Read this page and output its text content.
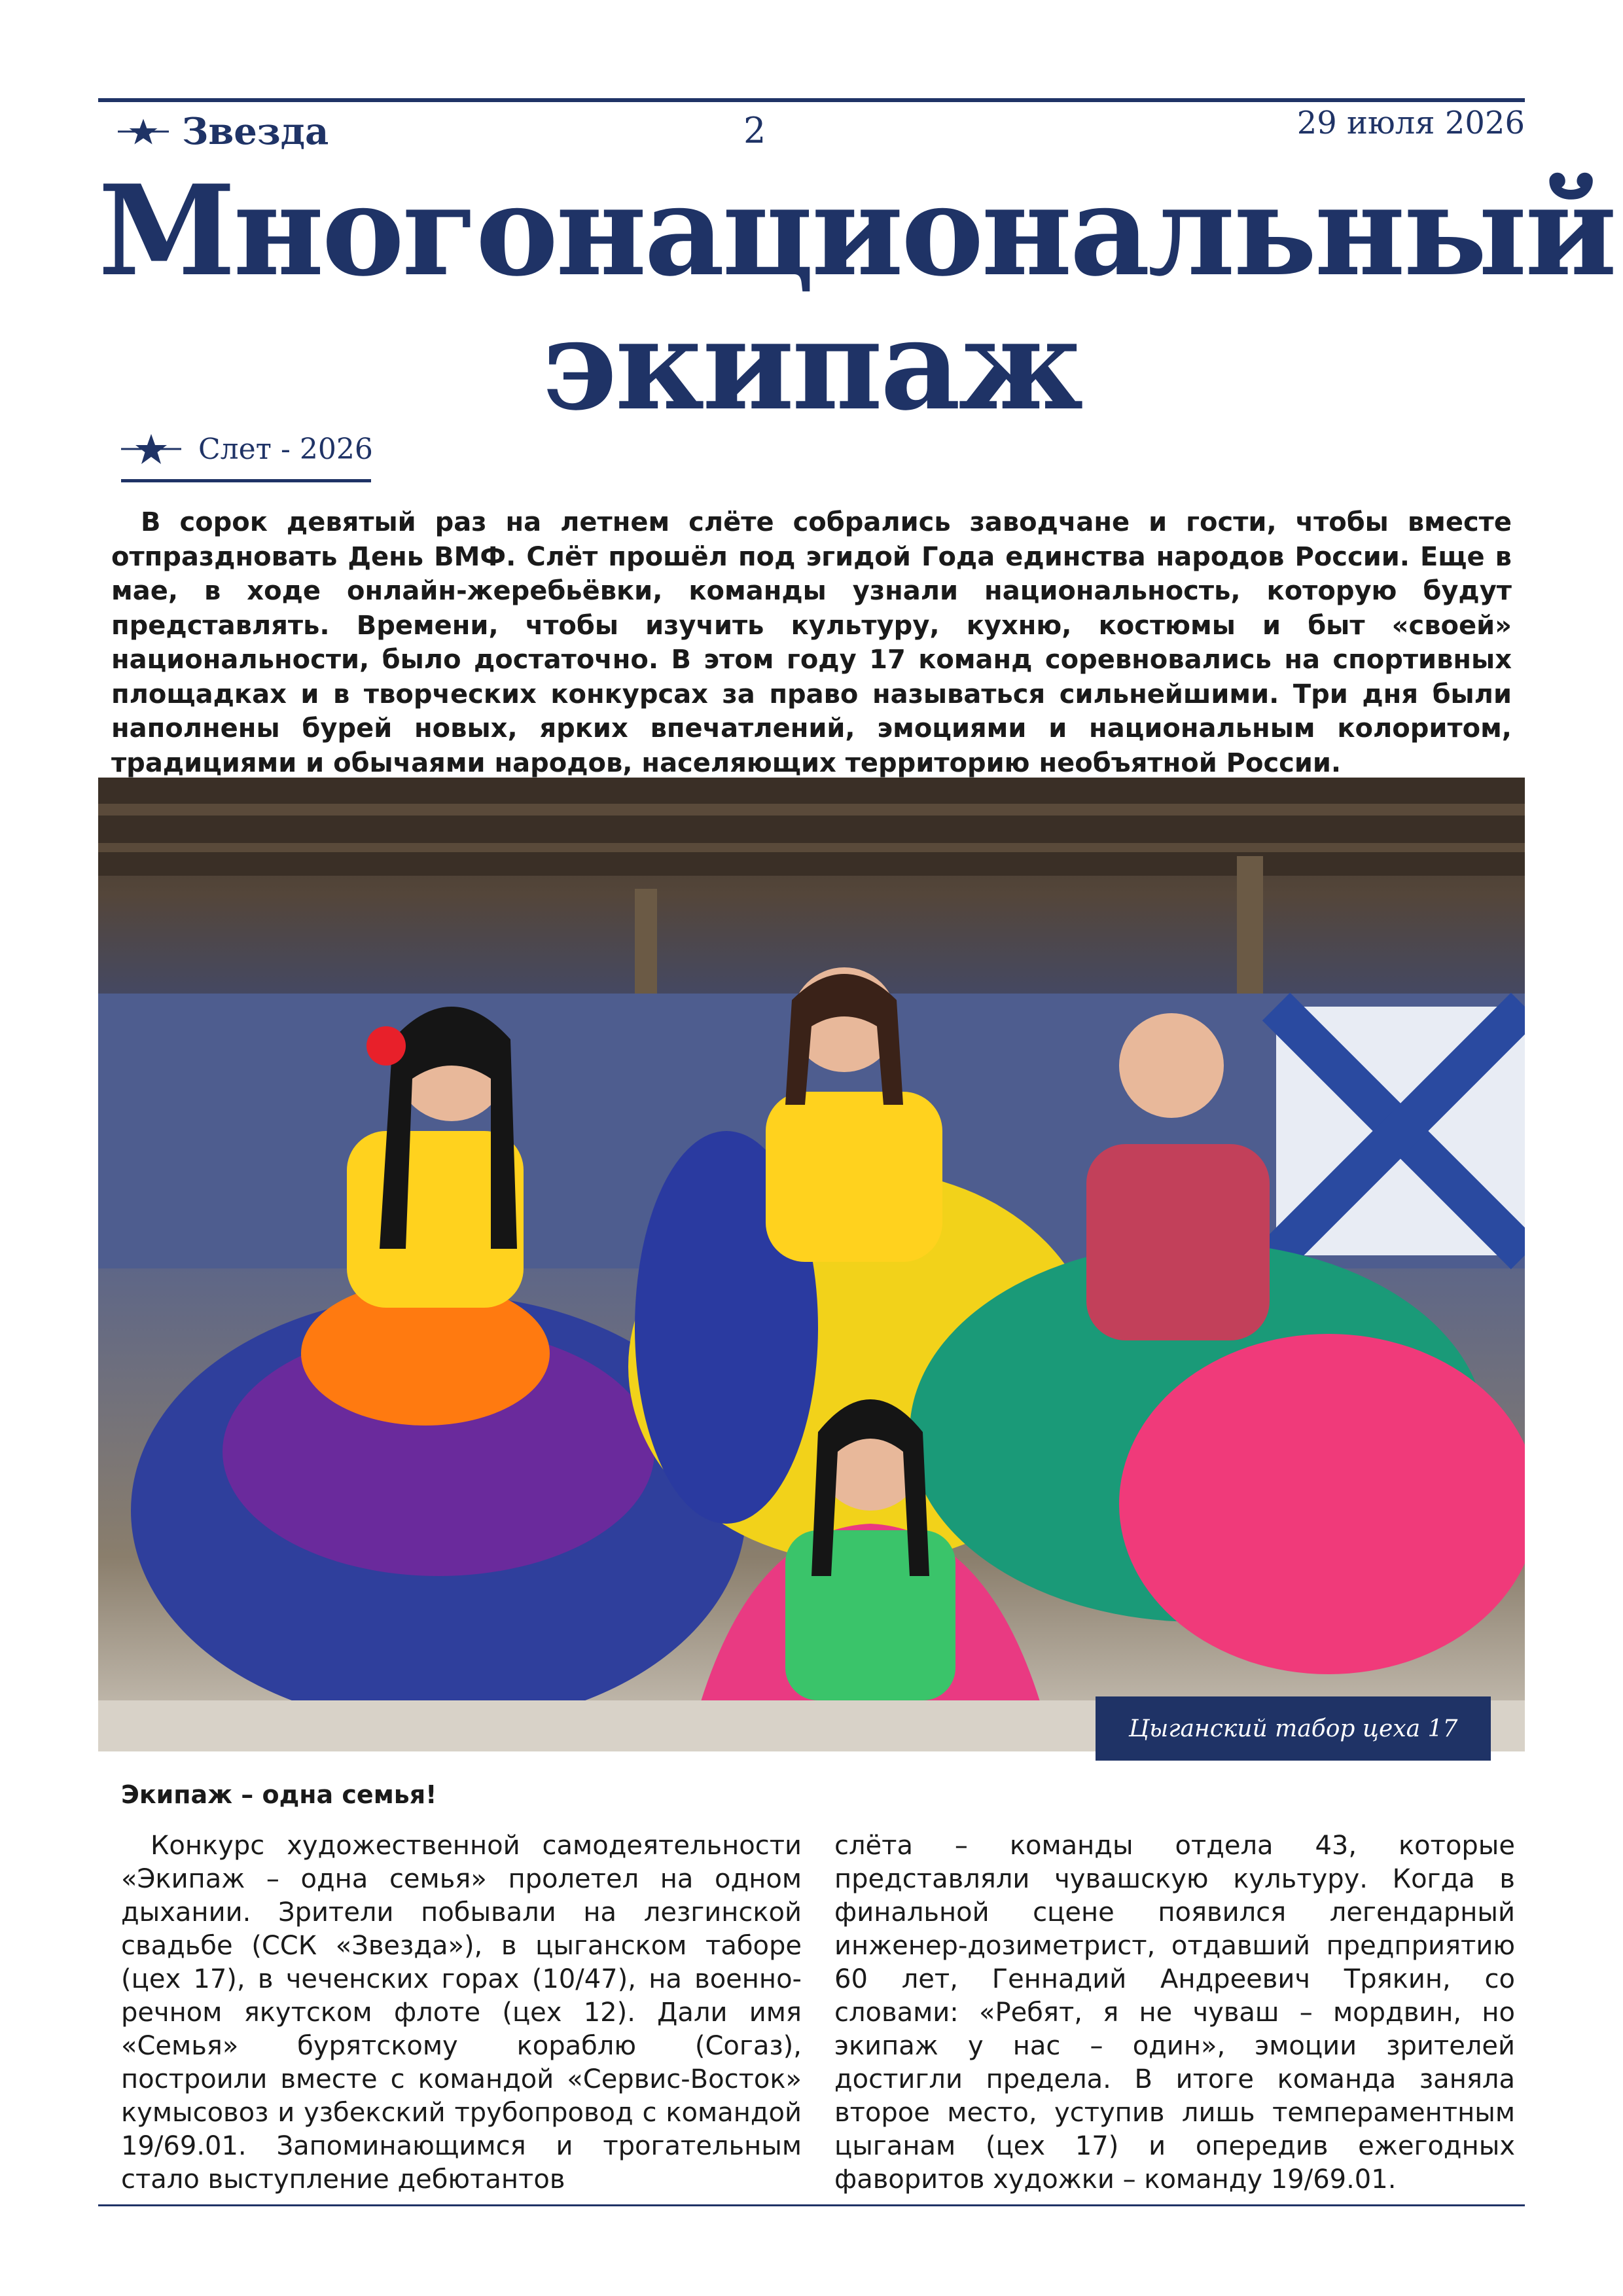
Звезда	2	29 июля 2026
Многонациональный
экипаж
Слет - 2026
В сорок девятый раз на летнем слёте собрались заводчане и гости, чтобы вместе отпраздновать День ВМФ. Слёт прошёл под эгидой Года единства народов России. Еще в мае, в ходе онлайн-жеребьёвки, команды узнали национальность, которую будут представлять. Времени, чтобы изучить культуру, кухню, костюмы и быт «своей» национальности, было достаточно. В этом году 17 команд соревновались на спортивных площадках и в творческих конкурсах за право называться сильнейшими. Три дня были наполнены бурей новых, ярких впечатлений, эмоциями и национальным колоритом, традициями и обычаями народов, населяющих территорию необъятной России.
Цыганский табор цеха 17
Экипаж – одна семья!
Конкурс художественной самодеятельности «Экипаж – одна семья» пролетел на одном дыхании. Зрители побывали на лезгинской свадьбе (ССК «Звезда»), в цыганском таборе (цех 17), в чеченских горах (10/47), на военно-речном якутском флоте (цех 12). Дали имя «Семья» бурятскому кораблю (Согаз), построили вместе с командой «Сервис-Восток» кумысовоз и узбекский трубопровод с командой 19/69.01. Запоминающимся и трогательным стало выступление дебютантов
слёта – команды отдела 43, которые представляли чувашскую культуру. Когда в финальной сцене появился легендарный инженер-дозиметрист, отдавший предприятию 60 лет, Геннадий Андреевич Трякин, со словами: «Ребят, я не чуваш – мордвин, но экипаж у нас – один», эмоции зрителей достигли предела. В итоге команда заняла второе место, уступив лишь темпераментным цыганам (цех 17) и опередив ежегодных фаворитов художки – команду 19/69.01.
